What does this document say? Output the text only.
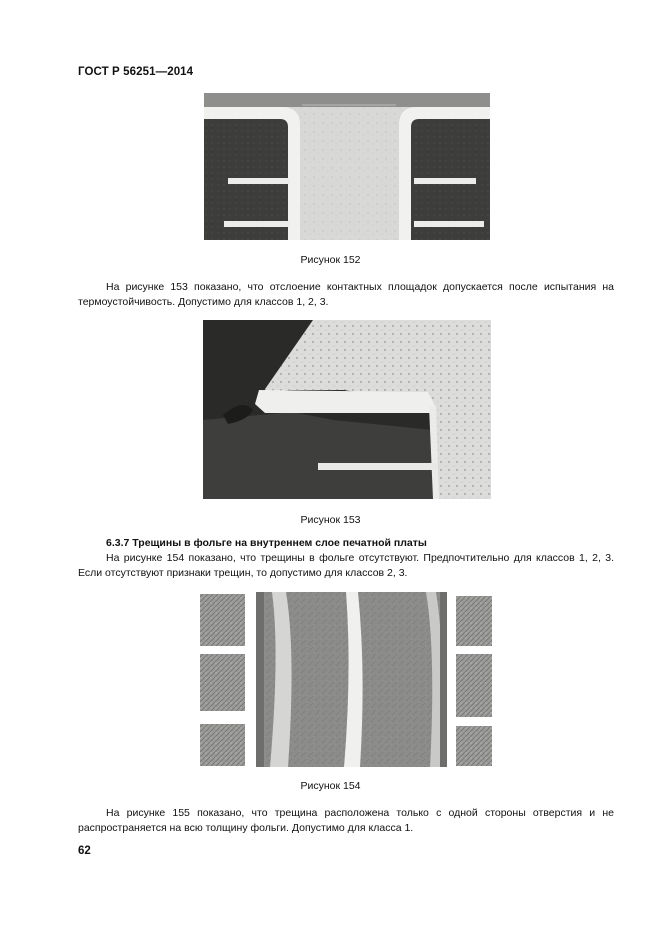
ГОСТ Р 56251—2014
Рисунок 152
На рисунке 153 показано, что отслоение контактных площадок допускается после испытания на термоустойчивость. Допустимо для классов 1, 2, 3.
Рисунок 153
6.3.7 Трещины в фольге на внутреннем слое печатной платы
На рисунке 154 показано, что трещины в фольге отсутствуют. Предпочтительно для классов 1, 2, 3. Если отсутствуют признаки трещин, то допустимо для классов 2, 3.
Рисунок 154
На рисунке 155 показано, что трещина расположена только с одной стороны отверстия и не распространяется на всю толщину фольги. Допустимо для класса 1.
62
